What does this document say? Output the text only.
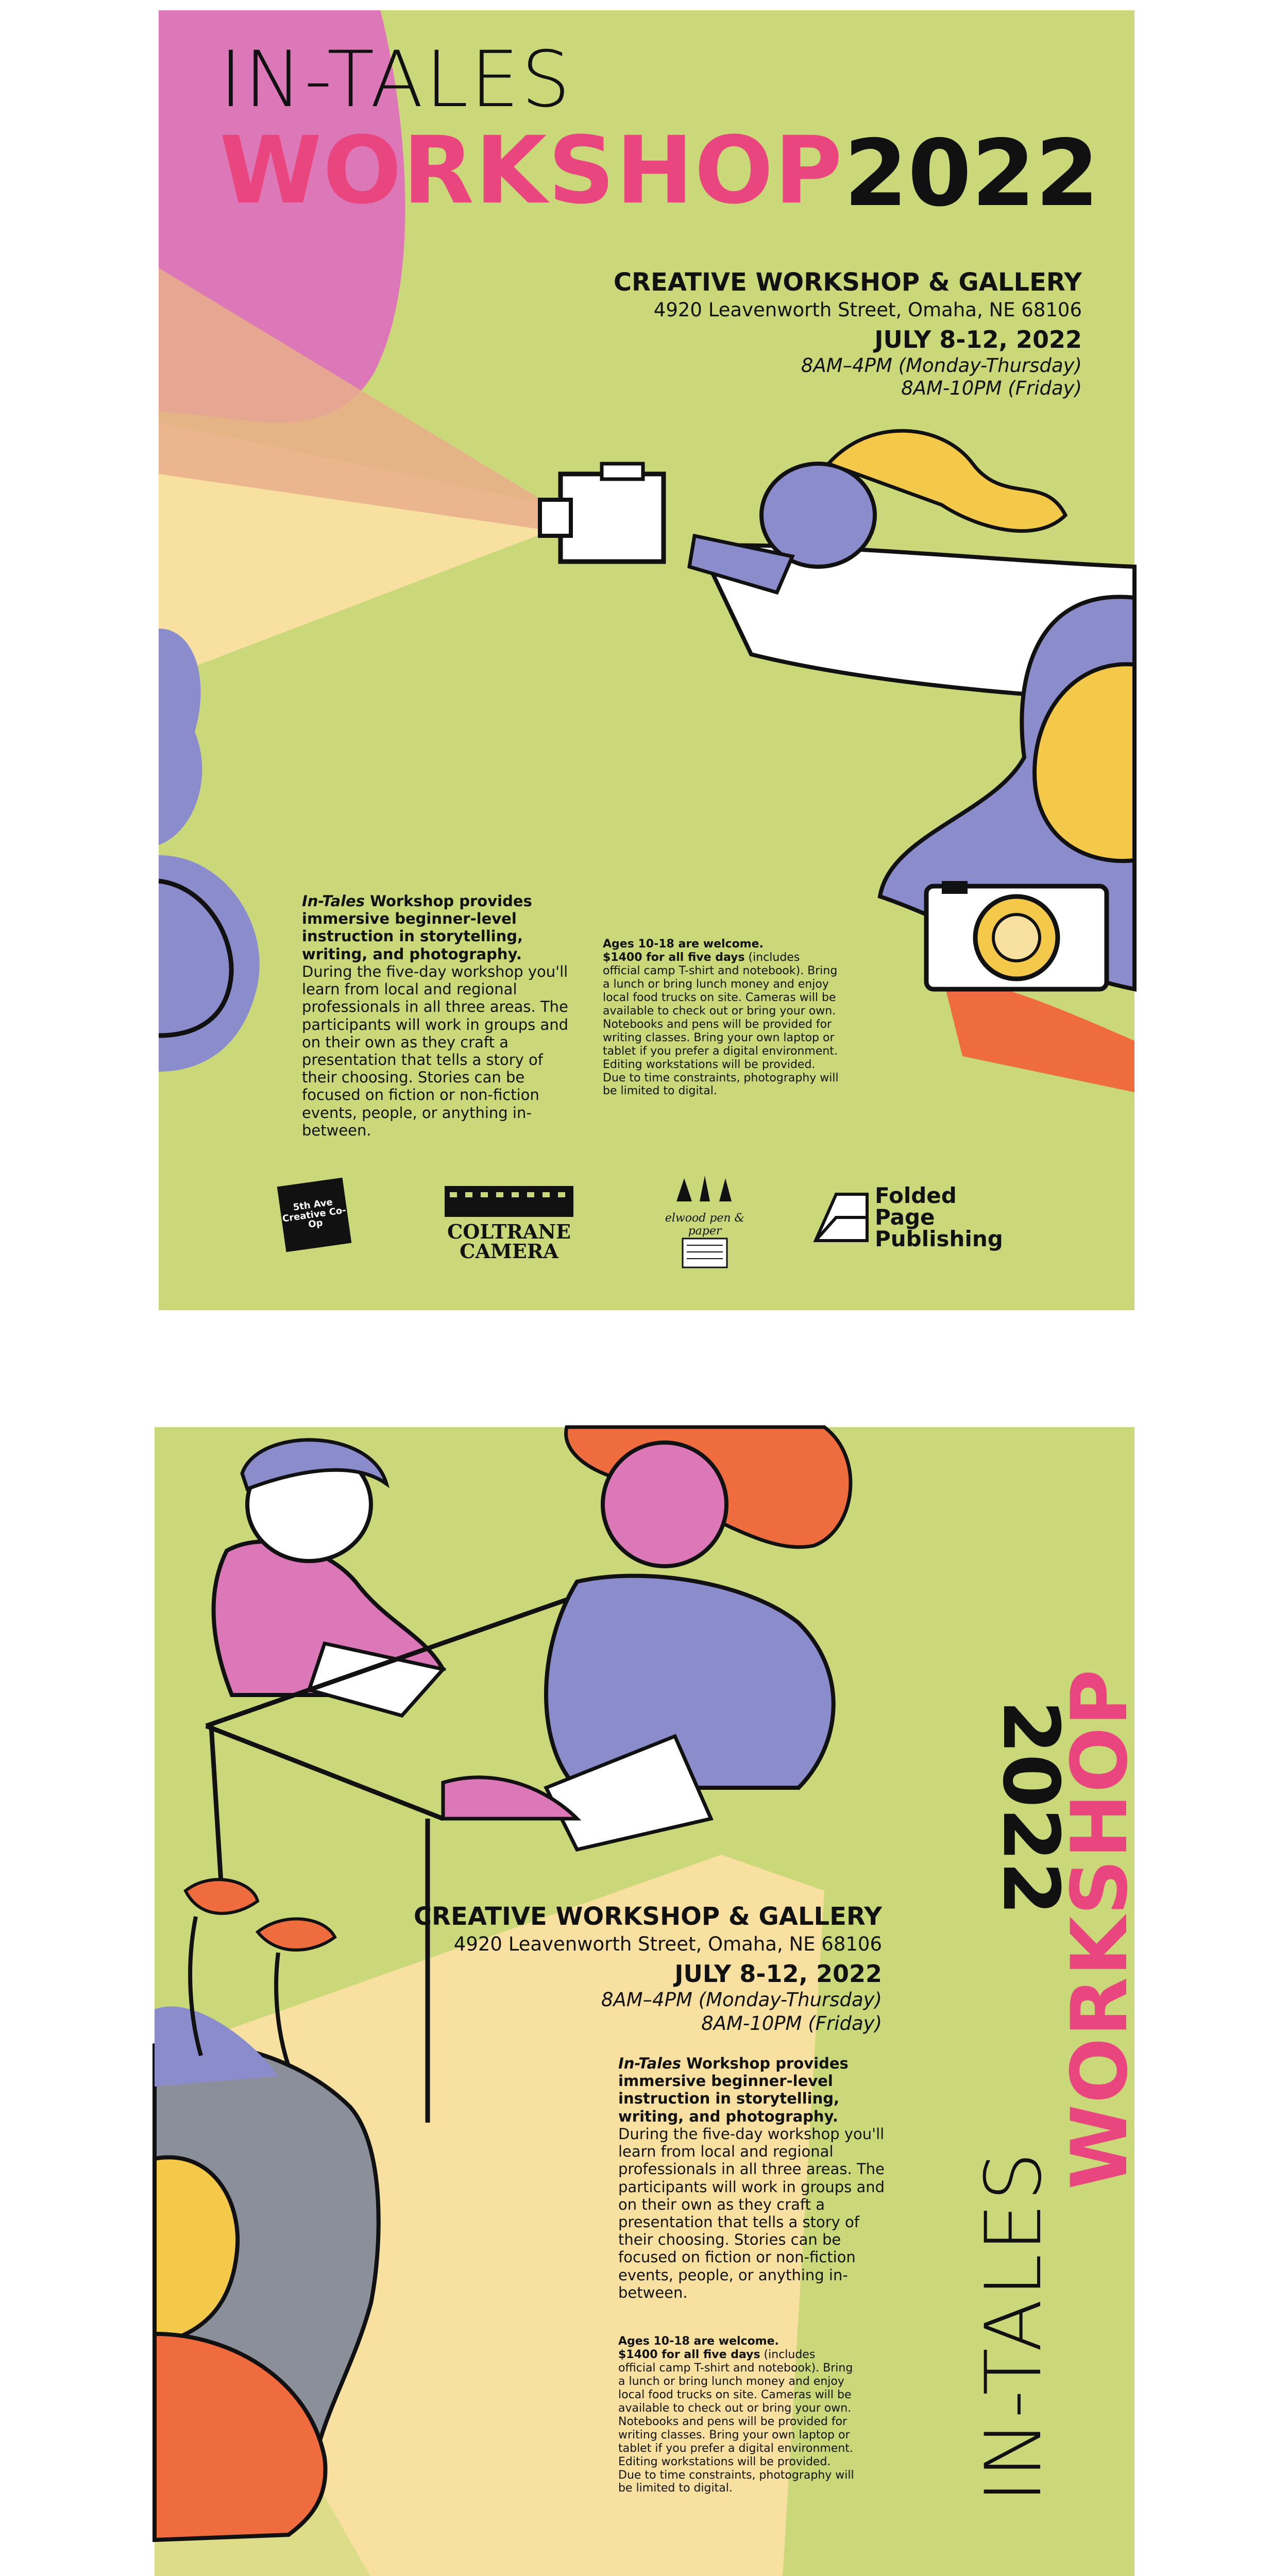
IN-TALES
WORKSHOP 2022
CREATIVE WORKSHOP & GALLERY
4920 Leavenworth Street, Omaha, NE 68106
JULY 8-12, 2022
8AM–4PM (Monday-Thursday)
8AM-10PM (Friday)
In-Tales Workshop provides immersive beginner-level instruction in storytelling, writing, and photography. During the five-day workshop you'll learn from local and regional professionals in all three areas. The participants will work in groups and on their own as they craft a presentation that tells a story of their choosing. Stories can be focused on fiction or non-fiction events, people, or anything in-between.
Ages 10-18 are welcome.
$1400 for all five days (includes official camp T-shirt and notebook). Bring a lunch or bring lunch money and enjoy local food trucks on site. Cameras will be available to check out or bring your own. Notebooks and pens will be provided for writing classes. Bring your own laptop or tablet if you prefer a digital environment. Editing workstations will be provided. Due to time constraints, photography will be limited to digital.
5th Ave Creative Co-Op	COLTRANE
CAMERA
elwood pen & paper
Folded Page
Publishing
IN-TALES
WORKSHOP
2022
CREATIVE WORKSHOP & GALLERY
4920 Leavenworth Street, Omaha, NE 68106
JULY 8-12, 2022
8AM–4PM (Monday-Thursday)
8AM-10PM (Friday)
In-Tales Workshop provides immersive beginner-level instruction in storytelling, writing, and photography. During the five-day workshop you'll learn from local and regional professionals in all three areas. The participants will work in groups and on their own as they craft a presentation that tells a story of their choosing. Stories can be focused on fiction or non-fiction events, people, or anything in-between.
Ages 10-18 are welcome.
$1400 for all five days (includes official camp T-shirt and notebook). Bring a lunch or bring lunch money and enjoy local food trucks on site. Cameras will be available to check out or bring your own. Notebooks and pens will be provided for writing classes. Bring your own laptop or tablet if you prefer a digital environment. Editing workstations will be provided. Due to time constraints, photography will be limited to digital.
